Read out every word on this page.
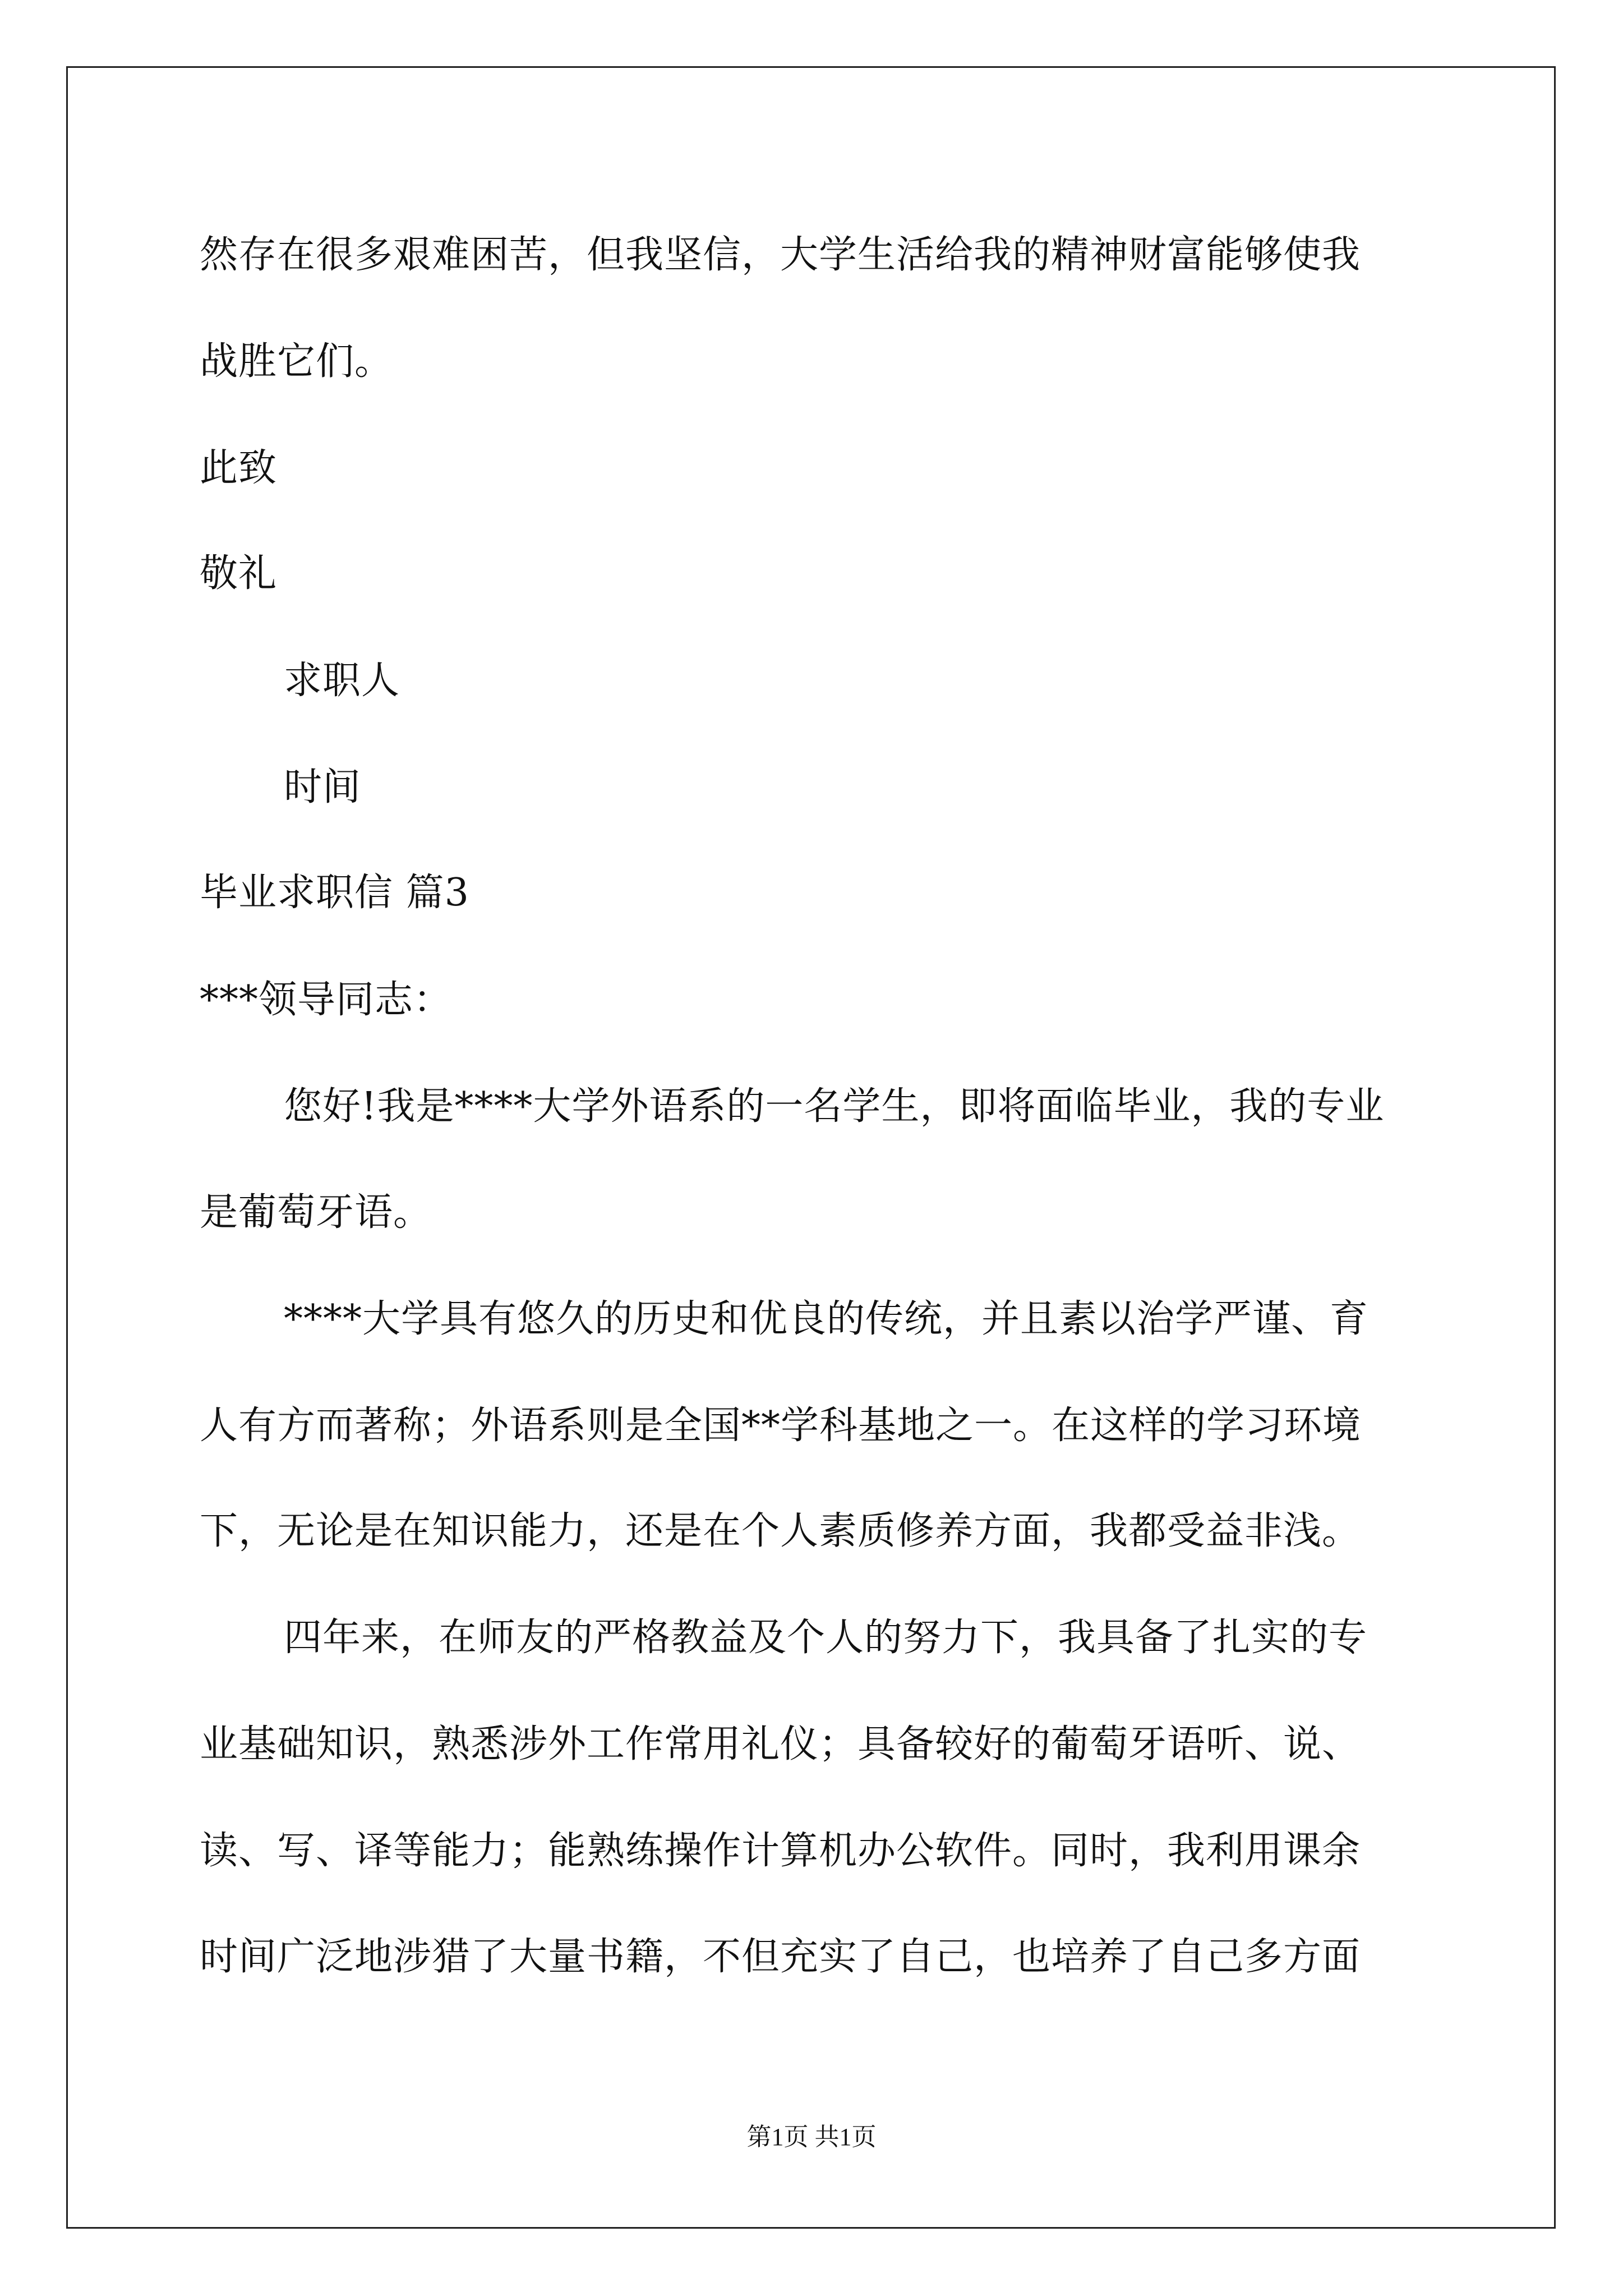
然存在很多艰难困苦，但我坚信，大学生活给我的精神财富能够使我
战胜它们。
此致
敬礼
求职人
时间
毕业求职信 篇3
***领导同志：
您好!我是****大学外语系的一名学生，即将面临毕业，我的专业
是葡萄牙语。
****大学具有悠久的历史和优良的传统，并且素以治学严谨、育
人有方而著称；外语系则是全国**学科基地之一。在这样的学习环境
下，无论是在知识能力，还是在个人素质修养方面，我都受益非浅。
四年来，在师友的严格教益及个人的努力下，我具备了扎实的专
业基础知识，熟悉涉外工作常用礼仪；具备较好的葡萄牙语听、说、
读、写、译等能力；能熟练操作计算机办公软件。同时，我利用课余
时间广泛地涉猎了大量书籍，不但充实了自己，也培养了自己多方面
第1页 共1页
